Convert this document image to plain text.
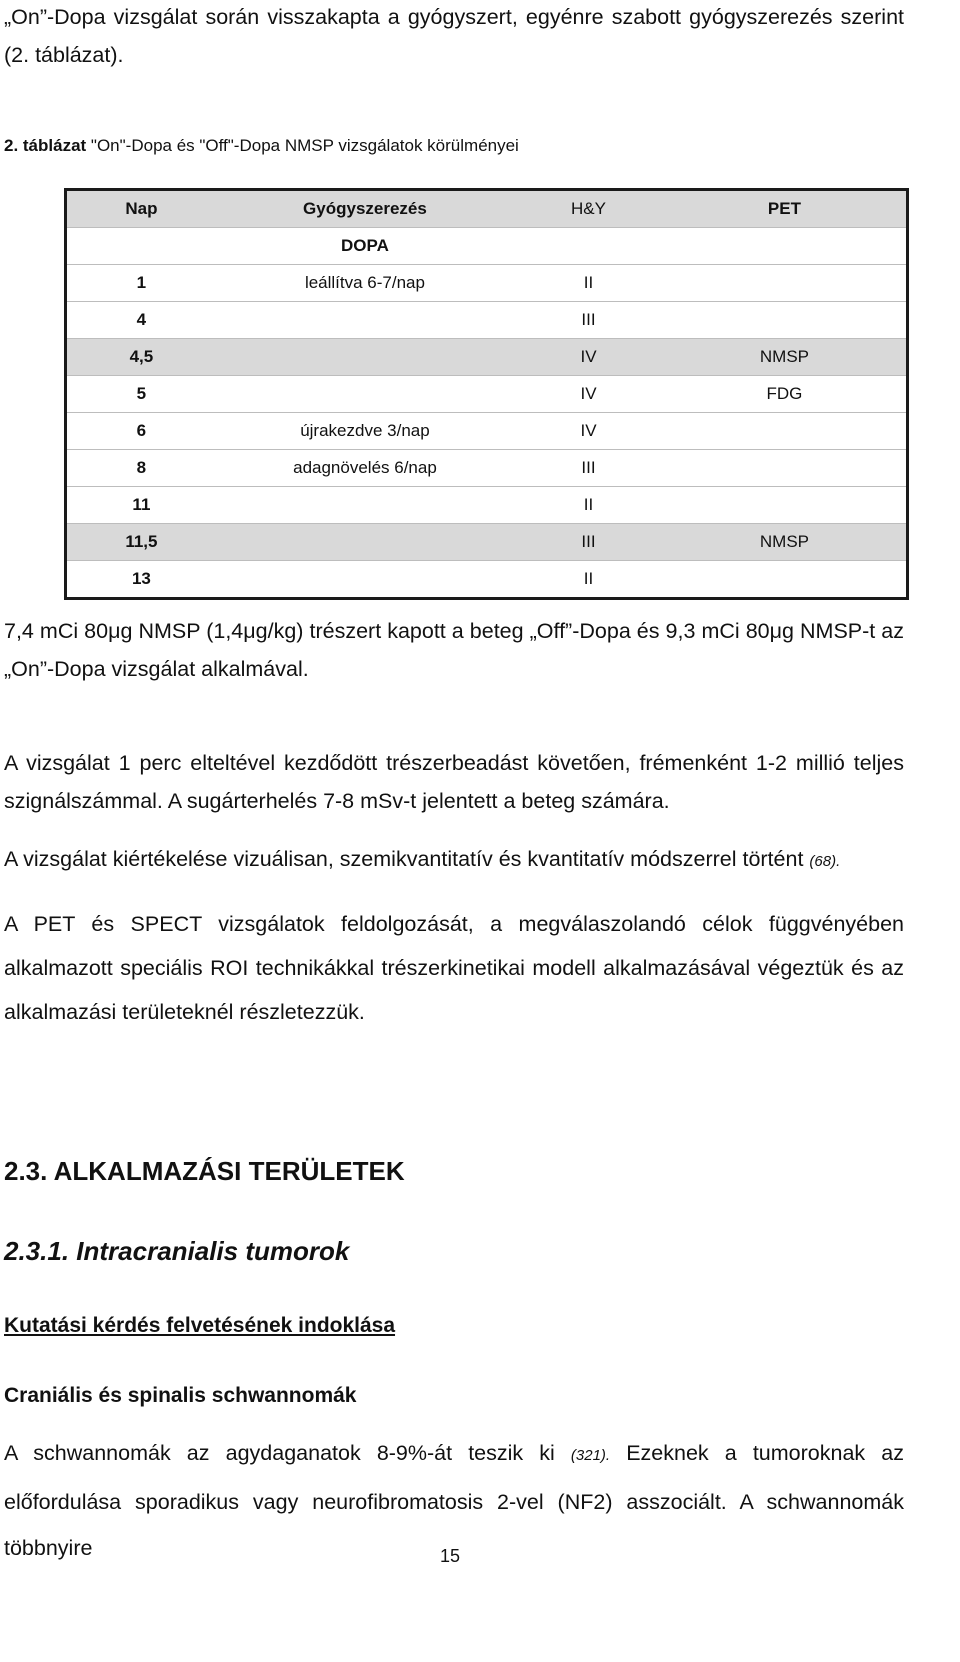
„On”-Dopa vizsgálat során visszakapta a gyógyszert, egyénre szabott gyógyszerezés szerint (2. táblázat).

2. táblázat "On"-Dopa és "Off"-Dopa NMSP vizsgálatok körülményei

Nap	Gyógyszerezés	H&Y	PET
	DOPA		
1	leállítva 6-7/nap	II	
4		III	
4,5		IV	NMSP
5		IV	FDG
6	újrakezdve 3/nap	IV	
8	adagnövelés 6/nap	III	
11		II	
11,5		III	NMSP
13		II	

7,4 mCi 80μg NMSP (1,4μg/kg) trészert kapott a beteg „Off”-Dopa és 9,3 mCi 80μg NMSP-t az „On”-Dopa vizsgálat alkalmával.

A vizsgálat 1 perc elteltével kezdődött trészerbeadást követően, frémenként 1-2 millió teljes szignálszámmal. A sugárterhelés 7-8 mSv-t jelentett a beteg számára.

A vizsgálat kiértékelése vizuálisan, szemikvantitatív és kvantitatív módszerrel történt (68).

A PET és SPECT vizsgálatok feldolgozását, a megválaszolandó célok függvényében alkalmazott speciális ROI technikákkal trészerkinetikai modell alkalmazásával végeztük és az alkalmazási területeknél részletezzük.

2.3. ALKALMAZÁSI TERÜLETEK
2.3.1. Intracranialis tumorok
Kutatási kérdés felvetésének indoklása
Craniális és spinalis schwannomák

A schwannomák az agydaganatok 8-9%-át teszik ki (321). Ezeknek a tumoroknak az előfordulása sporadikus vagy neurofibromatosis 2-vel (NF2) asszociált. A schwannomák többnyire	15
